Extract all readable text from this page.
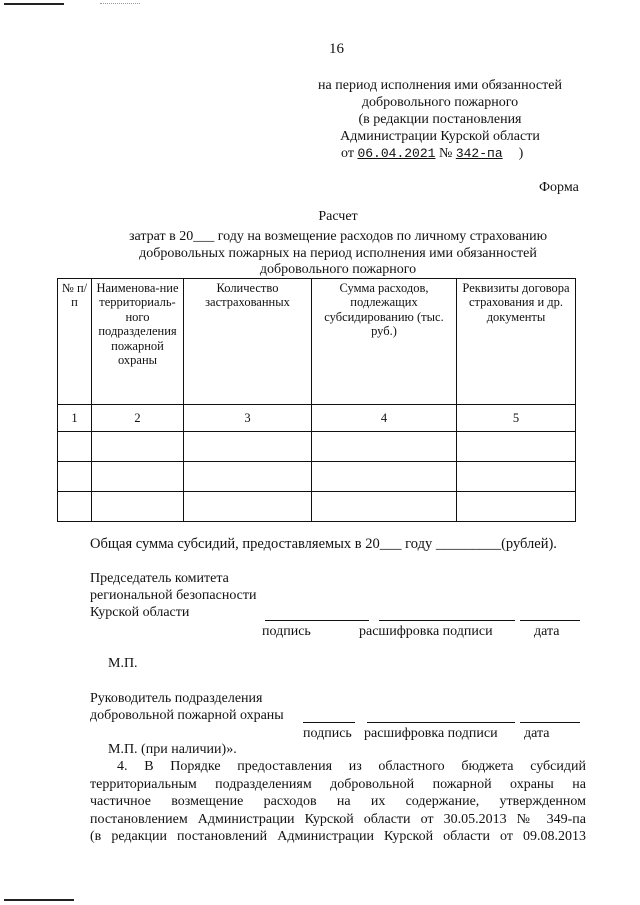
16
на период исполнения ими обязанностей
добровольного пожарного
(в редакции постановления
Администрации Курской области
от 06.04.2021 № 342-па )
Форма
Расчет
затрат в 20___ году на возмещение расходов по личному страхованию
добровольных пожарных на период исполнения ими обязанностей
добровольного пожарного
№ п/п	Наименова-ние территориаль-ного подразделения пожарной охраны	Количество застрахованных	Сумма расходов, подлежащих субсидированию (тыс. руб.)	Реквизиты договора страхования и др. документы
1	2	3	4	5

Общая сумма субсидий, предоставляемых в 20___ году _________(рублей).
Председатель комитета
региональной безопасности
Курской области
подпись	расшифровка подписи	дата
М.П.
Руководитель подразделения
добровольной пожарной охраны
подпись расшифровка подписи дата
М.П. (при наличии)».
4. В Порядке предоставления из областного бюджета субсидий
территориальным подразделениям добровольной пожарной охраны на
частичное возмещение расходов на их содержание, утвержденном
постановлением Администрации Курской области от 30.05.2013 № 349-па
(в редакции постановлений Администрации Курской области от 09.08.2013
